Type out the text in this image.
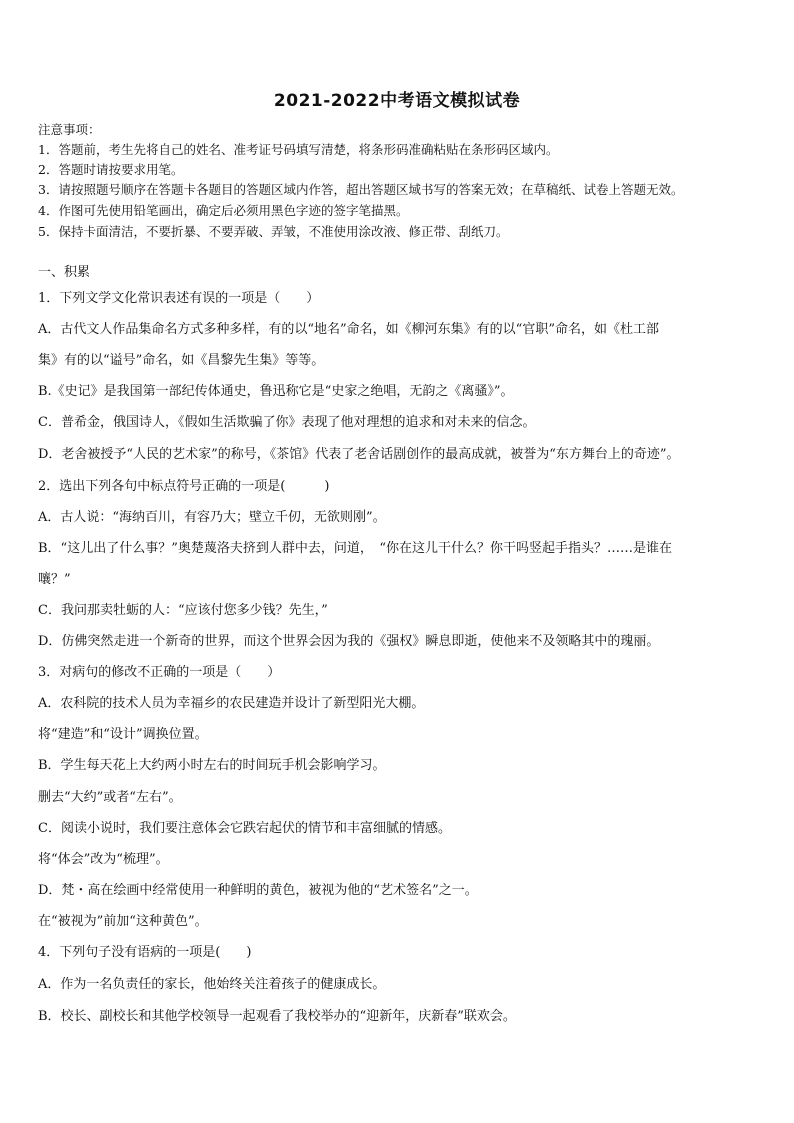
2021-2022中考语文模拟试卷
注意事项：
1．答题前，考生先将自己的姓名、准考证号码填写清楚，将条形码准确粘贴在条形码区域内。
2．答题时请按要求用笔。
3．请按照题号顺序在答题卡各题目的答题区域内作答，超出答题区域书写的答案无效；在草稿纸、试卷上答题无效。
4．作图可先使用铅笔画出，确定后必须用黑色字迹的签字笔描黑。
5．保持卡面清洁，不要折暴、不要弄破、弄皱，不准使用涂改液、修正带、刮纸刀。
一、积累
1．下列文学文化常识表述有误的一项是（　　）
A．古代文人作品集命名方式多种多样，有的以“地名”命名，如《柳河东集》有的以“官职”命名，如《杜工部
集》有的以“谥号”命名，如《昌黎先生集》等等。
B.《史记》是我国第一部纪传体通史，鲁迅称它是“史家之绝唱，无韵之《离骚》”。
C．普希金，俄国诗人，《假如生活欺骗了你》表现了他对理想的追求和对未来的信念。
D．老舍被授予“人民的艺术家”的称号，《茶馆》代表了老舍话剧创作的最高成就，被誉为“东方舞台上的奇迹”。
2．选出下列各句中标点符号正确的一项是(　　　)
A．古人说：“海纳百川，有容乃大；壁立千仞，无欲则刚”。
B．“这儿出了什么事？”奥楚蔑洛夫挤到人群中去，问道，　“你在这儿干什么？你干吗竖起手指头？……是谁在
嚷？”
C．我问那卖牡蛎的人：“应该付您多少钱？先生，”
D．仿佛突然走进一个新奇的世界，而这个世界会因为我的《强权》瞬息即逝，使他来不及领略其中的瑰丽。
3．对病句的修改不正确的一项是（　　）
A．农科院的技术人员为幸福乡的农民建造并设计了新型阳光大棚。
将“建造”和“设计”调换位置。
B．学生每天花上大约两小时左右的时间玩手机会影响学习。
删去“大约”或者“左右”。
C．阅读小说时，我们要注意体会它跌宕起伏的情节和丰富细腻的情感。
将“体会”改为“梳理”。
D．梵・高在绘画中经常使用一种鲜明的黄色，被视为他的“艺术签名”之一。
在“被视为”前加“这种黄色”。
4．下列句子没有语病的一项是(　　)
A．作为一名负责任的家长，他始终关注着孩子的健康成长。
B．校长、副校长和其他学校领导一起观看了我校举办的“迎新年，庆新春”联欢会。
